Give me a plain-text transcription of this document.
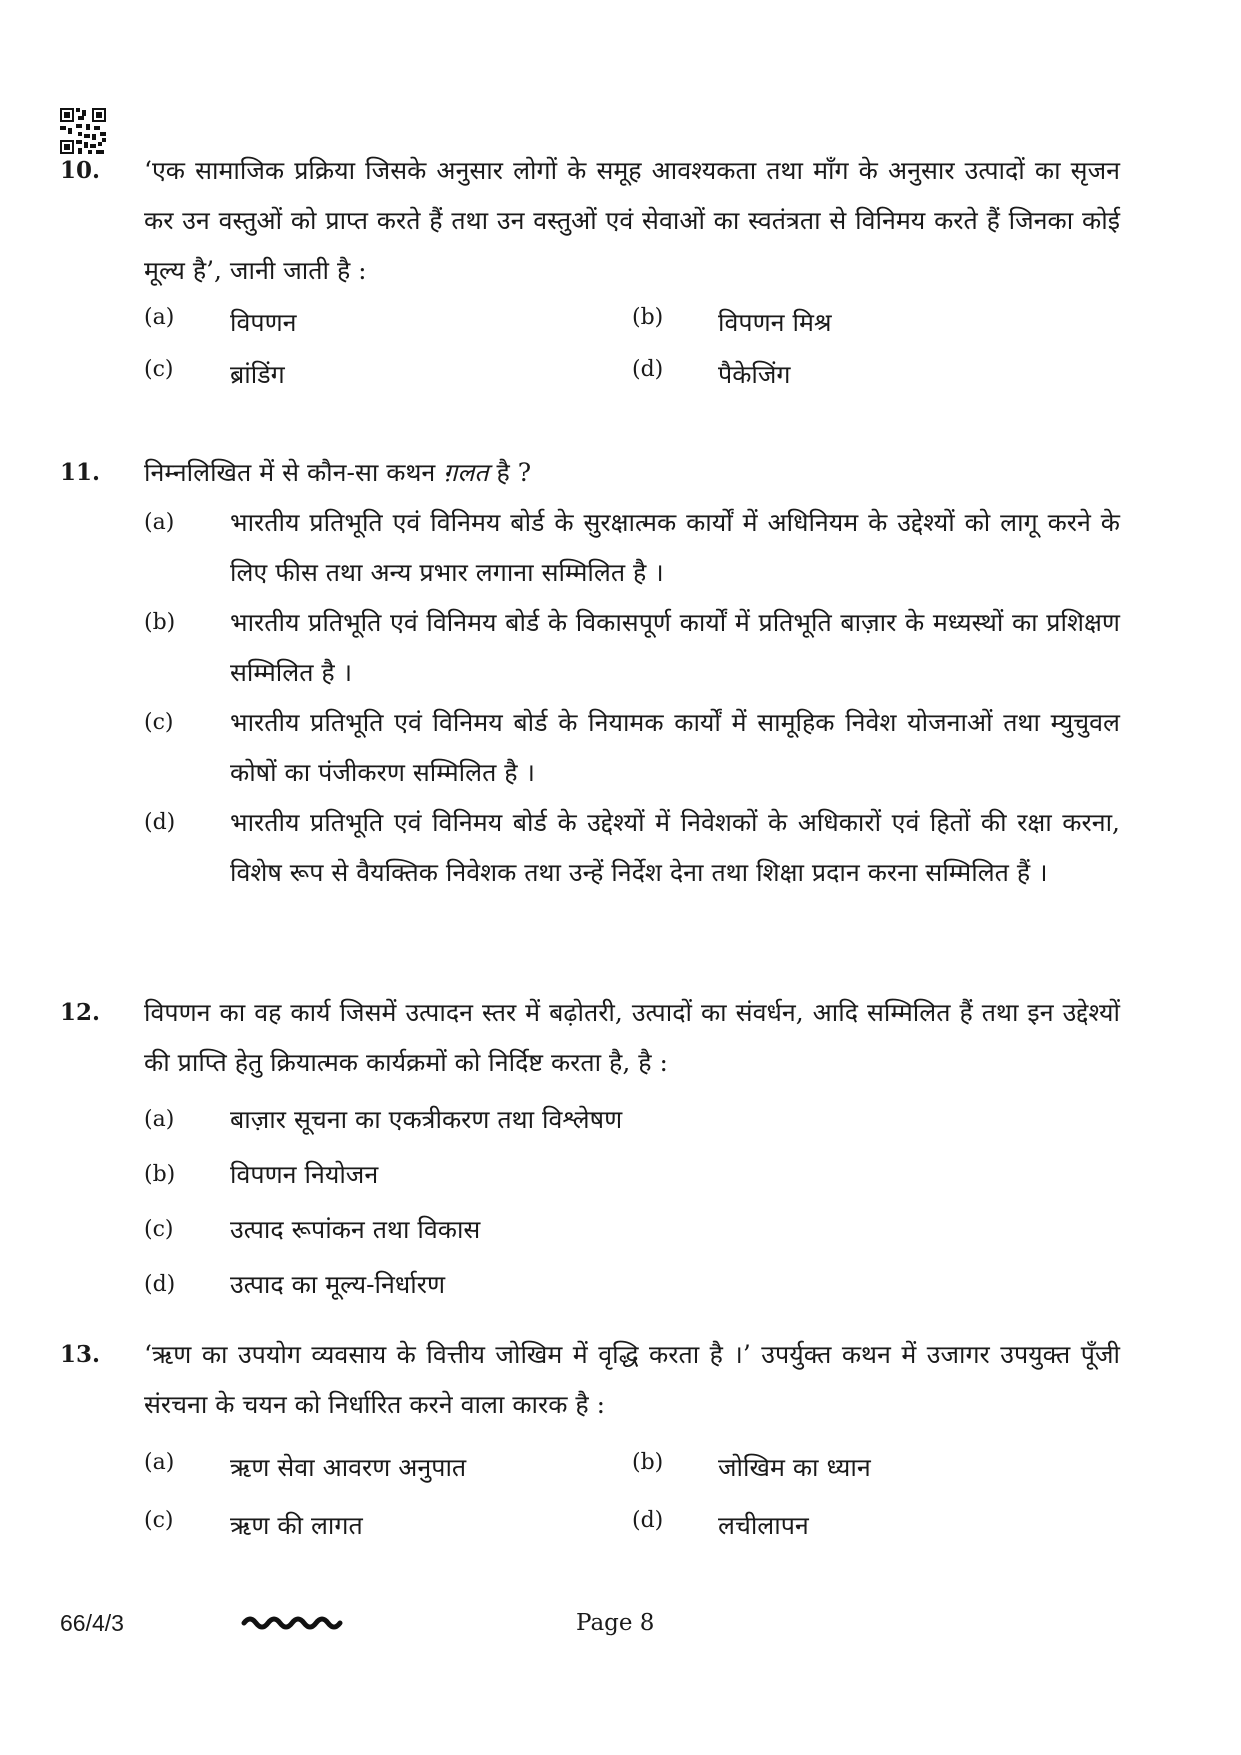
10. ‘एक सामाजिक प्रक्रिया जिसके अनुसार लोगों के समूह आवश्यकता तथा माँग के अनुसार उत्पादों का सृजन कर उन वस्तुओं को प्राप्त करते हैं तथा उन वस्तुओं एवं सेवाओं का स्वतंत्रता से विनिमय करते हैं जिनका कोई मूल्य है’, जानी जाती है :
(a)	विपणन	(b)	विपणन मिश्र
(c)	ब्रांडिंग	(d)	पैकेजिंग
11. निम्नलिखित में से कौन-सा कथन ग़लत है ?
(a)	भारतीय प्रतिभूति एवं विनिमय बोर्ड के सुरक्षात्मक कार्यों में अधिनियम के उद्देश्यों को लागू करने के लिए फीस तथा अन्य प्रभार लगाना सम्मिलित है ।
(b)	भारतीय प्रतिभूति एवं विनिमय बोर्ड के विकासपूर्ण कार्यों में प्रतिभूति बाज़ार के मध्यस्थों का प्रशिक्षण सम्मिलित है ।
(c)	भारतीय प्रतिभूति एवं विनिमय बोर्ड के नियामक कार्यों में सामूहिक निवेश योजनाओं तथा म्युचुवल कोषों का पंजीकरण सम्मिलित है ।
(d)	भारतीय प्रतिभूति एवं विनिमय बोर्ड के उद्देश्यों में निवेशकों के अधिकारों एवं हितों की रक्षा करना, विशेष रूप से वैयक्तिक निवेशक तथा उन्हें निर्देश देना तथा शिक्षा प्रदान करना सम्मिलित हैं ।
12. विपणन का वह कार्य जिसमें उत्पादन स्तर में बढ़ोतरी, उत्पादों का संवर्धन, आदि सम्मिलित हैं तथा इन उद्देश्यों की प्राप्ति हेतु क्रियात्मक कार्यक्रमों को निर्दिष्ट करता है, है :
(a)	बाज़ार सूचना का एकत्रीकरण तथा विश्लेषण
(b)	विपणन नियोजन
(c)	उत्पाद रूपांकन तथा विकास
(d)	उत्पाद का मूल्य-निर्धारण
13. ‘ऋण का उपयोग व्यवसाय के वित्तीय जोखिम में वृद्धि करता है ।’ उपर्युक्त कथन में उजागर उपयुक्त पूँजी संरचना के चयन को निर्धारित करने वाला कारक है :
(a)	ऋण सेवा आवरण अनुपात	(b)	जोखिम का ध्यान
(c)	ऋण की लागत	(d)	लचीलापन
66/4/3	Page 8
